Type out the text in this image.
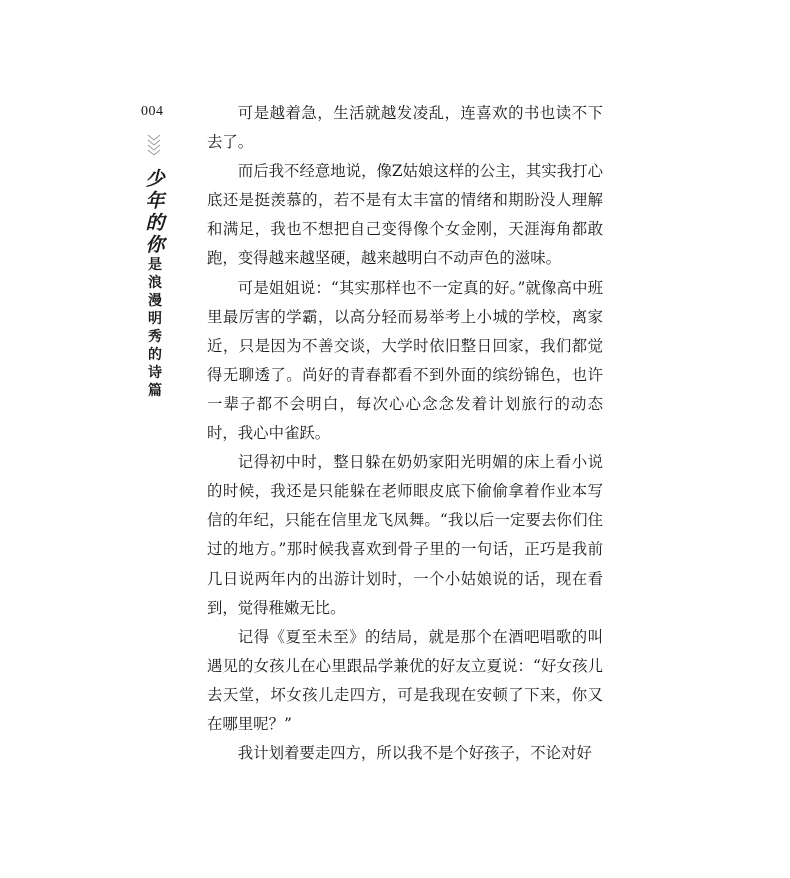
004
少
年
的
你
是
浪
漫
明
秀
的
诗
篇

可是越着急，生活就越发凌乱，连喜欢的书也读不下去了。

而后我不经意地说，像Z姑娘这样的公主，其实我打心底还是挺羡慕的，若不是有太丰富的情绪和期盼没人理解和满足，我也不想把自己变得像个女金刚，天涯海角都敢跑，变得越来越坚硬，越来越明白不动声色的滋味。

可是姐姐说：“其实那样也不一定真的好。”就像高中班里最厉害的学霸，以高分轻而易举考上小城的学校，离家近，只是因为不善交谈，大学时依旧整日回家，我们都觉得无聊透了。尚好的青春都看不到外面的缤纷锦色，也许一辈子都不会明白，每次心心念念发着计划旅行的动态时，我心中雀跃。

记得初中时，整日躲在奶奶家阳光明媚的床上看小说的时候，我还是只能躲在老师眼皮底下偷偷拿着作业本写信的年纪，只能在信里龙飞凤舞。“我以后一定要去你们住过的地方。”那时候我喜欢到骨子里的一句话，正巧是我前几日说两年内的出游计划时，一个小姑娘说的话，现在看到，觉得稚嫩无比。

记得《夏至未至》的结局，就是那个在酒吧唱歌的叫遇见的女孩儿在心里跟品学兼优的好友立夏说：“好女孩儿去天堂，坏女孩儿走四方，可是我现在安顿了下来，你又在哪里呢？”

我计划着要走四方，所以我不是个好孩子，不论对好
